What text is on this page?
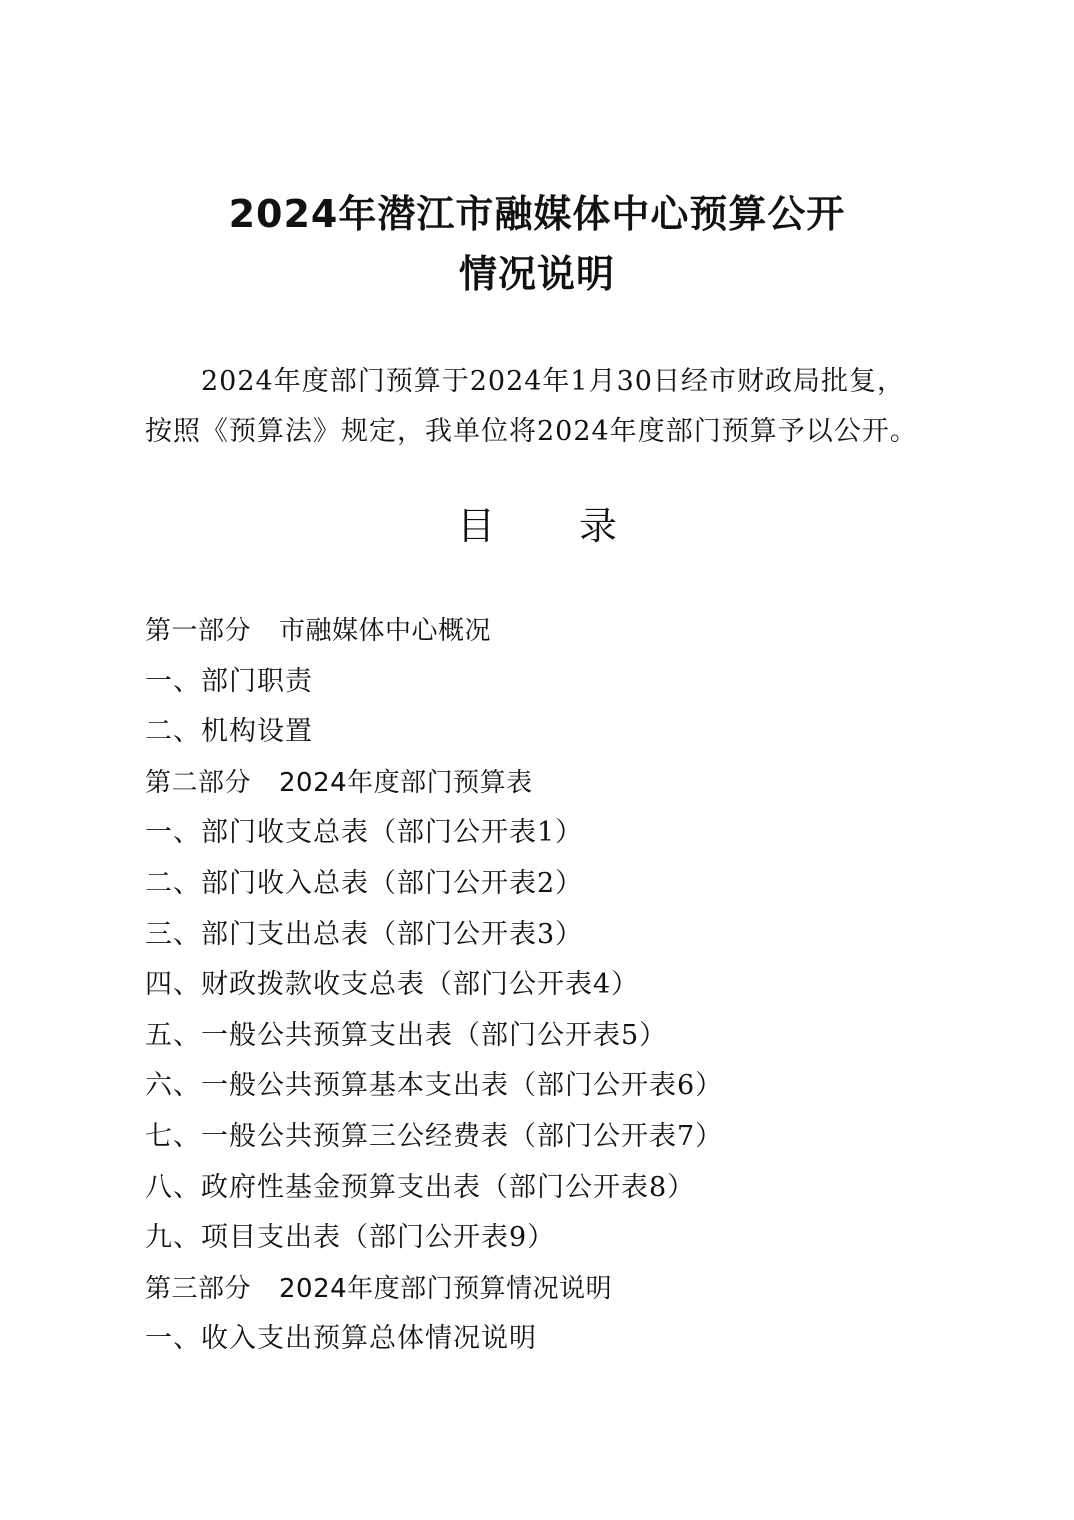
2024年潜江市融媒体中心预算公开
情况说明
2024年度部门预算于2024年1月30日经市财政局批复，
按照《预算法》规定，我单位将2024年度部门预算予以公开。
目录
第一部分 市融媒体中心概况
一、部门职责
二、机构设置
第二部分 2024年度部门预算表
一、部门收支总表（部门公开表1）
二、部门收入总表（部门公开表2）
三、部门支出总表（部门公开表3）
四、财政拨款收支总表（部门公开表4）
五、一般公共预算支出表（部门公开表5）
六、一般公共预算基本支出表（部门公开表6）
七、一般公共预算三公经费表（部门公开表7）
八、政府性基金预算支出表（部门公开表8）
九、项目支出表（部门公开表9）
第三部分 2024年度部门预算情况说明
一、收入支出预算总体情况说明
